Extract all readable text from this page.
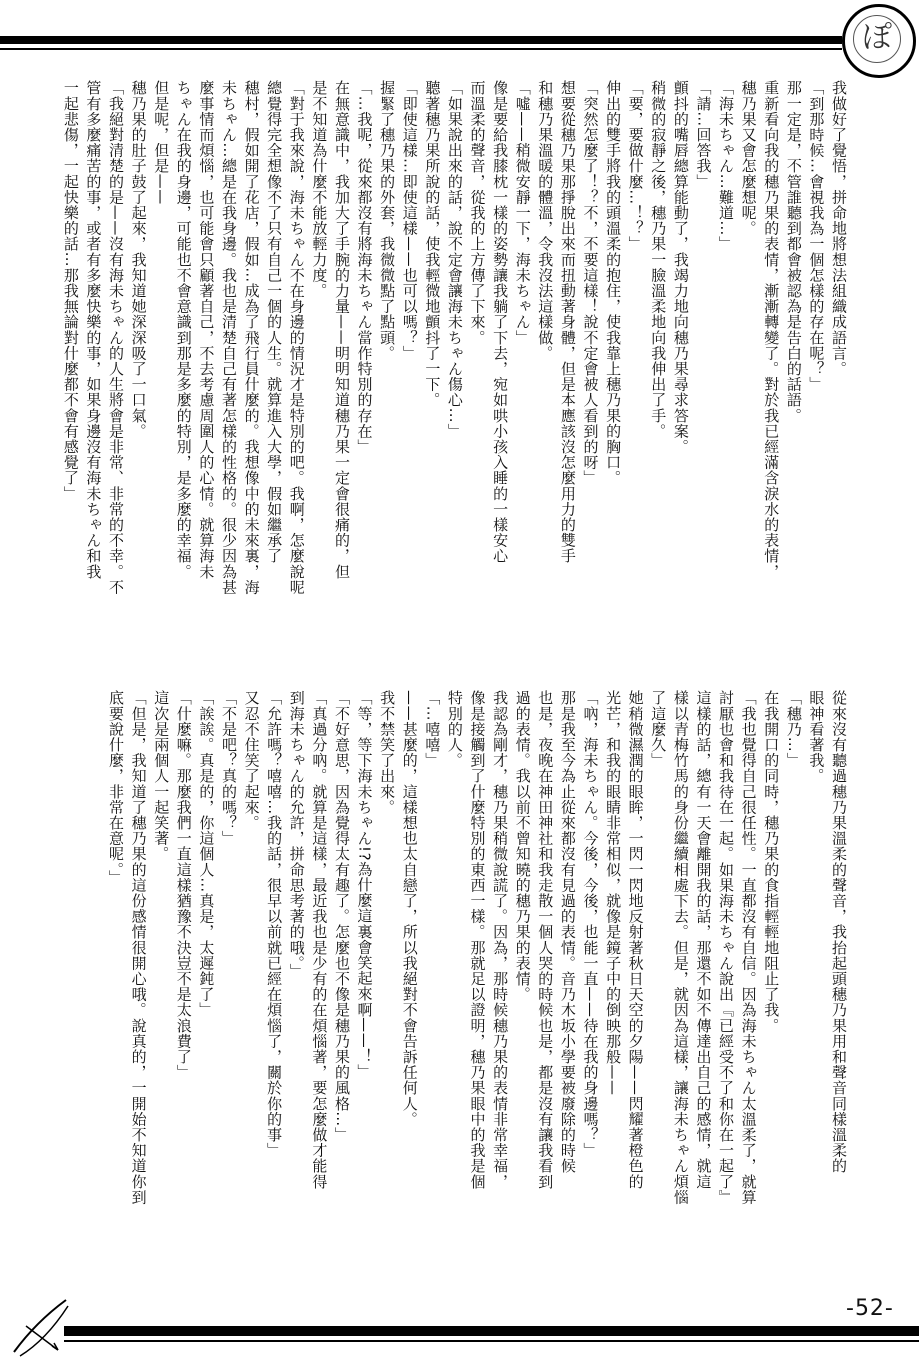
ぽ

我做好了覺悟，拼命地將想法組織成語言。

「到那時候…會視我為一個怎樣的存在呢？」

那一定是，不管誰聽到都會被認為是告白的話語。

重新看向我的穗乃果的表情，漸漸轉變了。對於我已經滿含淚水的表情，

穗乃果又會怎麼想呢。

「海未ちゃん…難道…」

「請…回答我」

顫抖的嘴唇總算能動了，我竭力地向穗乃果尋求答案。

稍微的寂靜之後，穗乃果一臉溫柔地向我伸出了手。

「要，要做什麼…！？」

伸出的雙手將我的頭溫柔的抱住，使我靠上穗乃果的胸口。

「突然怎麼了！？不，不要這樣！說不定會被人看到的呀」

想要從穗乃果那掙脫出來而扭動著身體，但是本應該沒怎麼用力的雙手

和穗乃果溫暖的體溫，令我沒法這樣做。

「噓——稍微安靜一下，海未ちゃん」

像是要給我膝枕一樣的姿勢讓我躺了下去，宛如哄小孩入睡的一樣安心

而溫柔的聲音，從我的上方傳了下來。

「如果說出來的話，說不定會讓海未ちゃん傷心…」

聽著穗乃果所說的話，使我輕微地顫抖了一下。

「即使這樣…即使這樣——也可以嗎？」

握緊了穗乃果的外套，我微微點了點頭。

「…我呢，從來都沒有將海未ちゃん當作特別的存在」

在無意識中，我加大了手腕的力量——明明知道穗乃果一定會很痛的，但

是不知道為什麼不能放輕力度。

「對于我來說，海未ちゃん不在身邊的情況才是特別的吧。我啊，怎麼說呢

總覺得完全想像不了只有自己一個的人生。就算進入大學，假如繼承了

穗村，假如開了花店，假如…成為了飛行員什麼的。我想像中的未來裏，海

未ちゃん…總是在我身邊。我也是清楚自己有著怎樣的性格的。很少因為甚

麼事情而煩惱，也可能會只顧著自己，不去考慮周圍人的心情。就算海未

ちゃん在我的身邊，可能也不會意識到那是多麼的特別，是多麼的幸福。

但是呢，但是——

穗乃果的肚子鼓了起來，我知道她深深吸了一口氣。

「我絕對清楚的是——沒有海未ちゃん的人生將會是非常、非常的不幸。不

管有多麼痛苦的事，或者有多麼快樂的事，如果身邊沒有海未ちゃん和我

一起悲傷，一起快樂的話…那我無論對什麼都不會有感覺了」

從來沒有聽過穗乃果溫柔的聲音，我抬起頭穗乃果用和聲音同樣溫柔的

眼神看著我。

「穗乃…」

在我開口的同時，穗乃果的食指輕輕地阻止了我。

「我也覺得自己很任性。一直都沒有自信。因為海未ちゃん太溫柔了，就算

討厭也會和我待在一起。如果海未ちゃん說出『已經受不了和你在一起了』

這樣的話，總有一天會離開我的話，那還不如不傳達出自己的感情，就這

樣以青梅竹馬的身份繼續相處下去。但是，就因為這樣，讓海未ちゃん煩惱

了這麼久」

她稍微濕潤的眼眸，一閃一閃地反射著秋日天空的夕陽——閃耀著橙色的

光芒，和我的眼睛非常相似，就像是鏡子中的倒映那般——

「吶，海未ちゃん。今後，今後，也能一直——待在我的身邊嗎？」

那是我至今為止從來都沒有見過的表情。音乃木坂小學要被廢除的時候

也是，夜晚在神田神社和我走散一個人哭的時候也是，都是沒有讓我看到

過的表情。我以前不曾知曉的穗乃果的表情。

我認為剛才，穗乃果稍微說謊了。因為，那時候穗乃果的表情非常幸福，

像是接觸到了什麼特別的東西一樣。那就足以證明，穗乃果眼中的我是個

特別的人。

「…嘻嘻」

——甚麼的，這樣想也太自戀了，所以我絕對不會告訴任何人。

我不禁笑了出來。

「等，等下海未ちゃん!?為什麼這裏會笑起來啊——！」

「不好意思，因為覺得太有趣了。怎麼也不像是穗乃果的風格…」

「真過分吶。就算是這樣，最近我也是少有的在煩惱著，要怎麼做才能得

到海未ちゃん的允許，拼命思考著的哦。」

「允許嗎？嘻嘻…我的話，很早以前就已經在煩惱了，關於你的事」

又忍不住笑了起來。

「不是吧？真的嗎？」

「誒誒。真是的，你這個人…真是，太遲鈍了」

「什麼嘛。那麼我們一直這樣猶豫不決豈不是太浪費了」

這次是兩個人一起笑著。

「但是，我知道了穗乃果的這份感情很開心哦。說真的，一開始不知道你到

底要說什麼，非常在意呢。」

-52-
